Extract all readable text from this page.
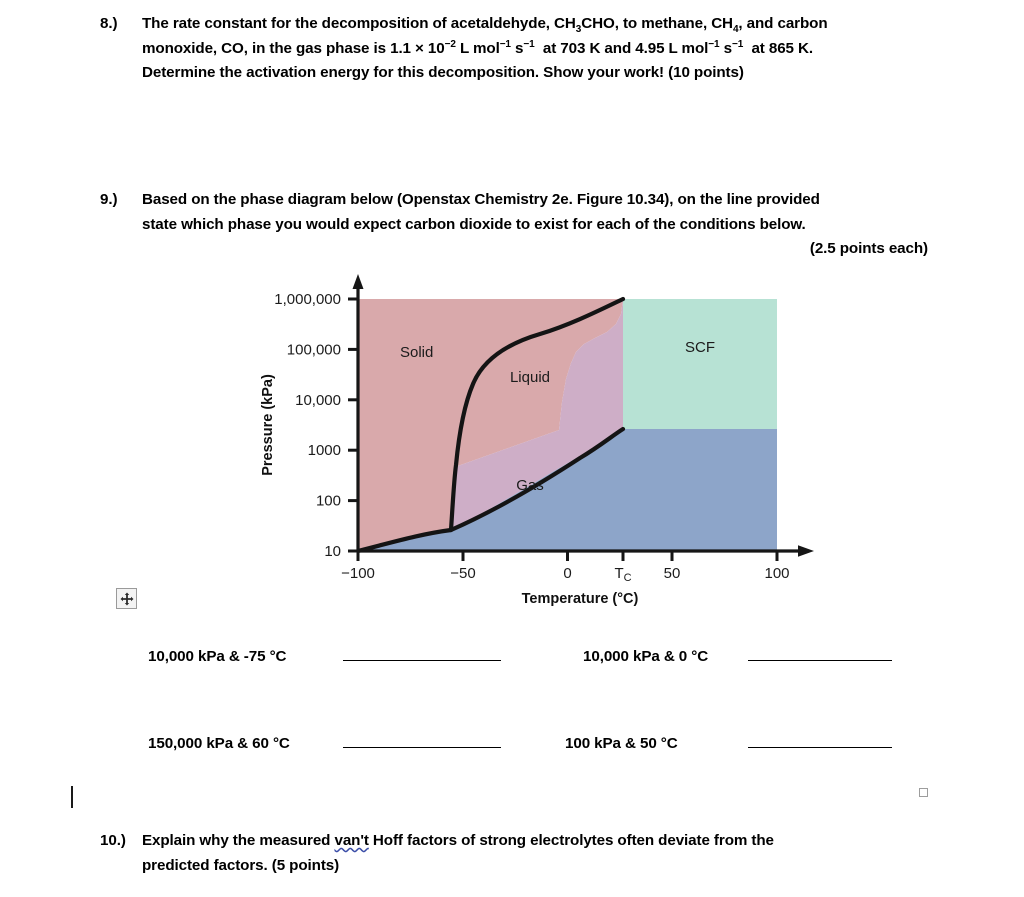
8.)	The rate constant for the decomposition of acetaldehyde, $CH_3CHO$, to methane, $CH_4$, and carbon

monoxide, CO, in the gas phase is $1.1 \times 10^{-2}$ L mol$^{-1}$ $s^{-1}$  at 703 K and 4.95 L mol$^{-1}$ $s^{-1}$  at 865 K.

Determine the activation energy for this decomposition. Show your work! (10 points)

9.)	Based on the phase diagram below (Openstax Chemistry 2e. Figure 10.34), on the line provided

state which phase you would expect carbon dioxide to exist for each of the conditions below.

(2.5 points each)

1,000,000
100,000
10,000
1000
100
10
Pressure (kPa)
−100	−50	0	$T_C$ 50	100
Temperature (°C)
Solid
Liquid
Gas
SCF
10,000 kPa & -75 °C	10,000 kPa & 0 °C
150,000 kPa & 60 °C	100 kPa & 50 °C
10.)	Explain why the measured van't Hoff factors of strong electrolytes often deviate from the

predicted factors. (5 points)
